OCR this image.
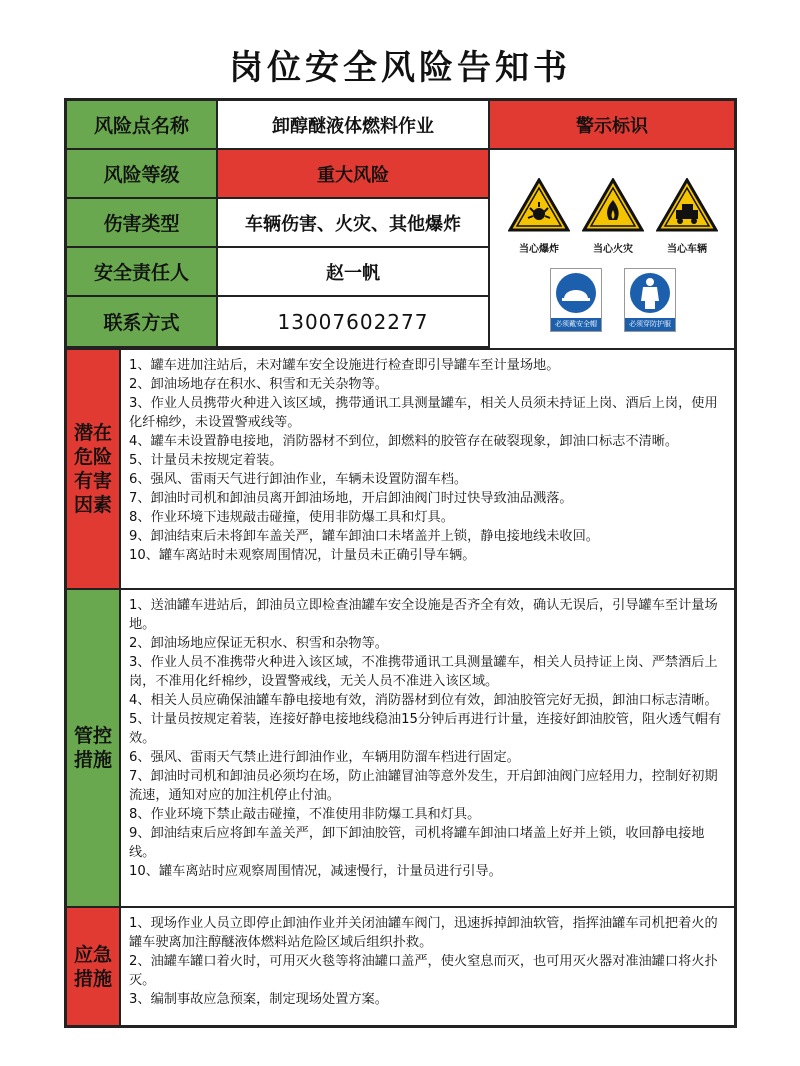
岗位安全风险告知书
风险点名称	卸醇醚液体燃料作业	警示标识
风险等级	重大风险
伤害类型	车辆伤害、火灾、其他爆炸
安全责任人	赵一帆
联系方式	13007602277
当心爆炸	当心火灾	当心车辆
必须戴安全帽	必须穿防护服
潜在危险有害因素
1、罐车进加注站后，未对罐车安全设施进行检查即引导罐车至计量场地。
2、卸油场地存在积水、积雪和无关杂物等。
3、作业人员携带火种进入该区域，携带通讯工具测量罐车，相关人员须未持证上岗、酒后上岗，使用化纤棉纱，未设置警戒线等。
4、罐车未设置静电接地，消防器材不到位，卸燃料的胶管存在破裂现象，卸油口标志不清晰。
5、计量员未按规定着装。
6、强风、雷雨天气进行卸油作业，车辆未设置防溜车档。
7、卸油时司机和卸油员离开卸油场地，开启卸油阀门时过快导致油品溅落。
8、作业环境下违规敲击碰撞，使用非防爆工具和灯具。
9、卸油结束后未将卸车盖关严，罐车卸油口未堵盖并上锁，静电接地线未收回。
10、罐车离站时未观察周围情况，计量员未正确引导车辆。
管控措施
1、送油罐车进站后，卸油员立即检查油罐车安全设施是否齐全有效，确认无误后，引导罐车至计量场地。
2、卸油场地应保证无积水、积雪和杂物等。
3、作业人员不准携带火种进入该区域，不准携带通讯工具测量罐车，相关人员持证上岗、严禁酒后上岗，不准用化纤棉纱，设置警戒线，无关人员不准进入该区域。
4、相关人员应确保油罐车静电接地有效，消防器材到位有效，卸油胶管完好无损，卸油口标志清晰。
5、计量员按规定着装，连接好静电接地线稳油15分钟后再进行计量，连接好卸油胶管，阻火透气帽有效。
6、强风、雷雨天气禁止进行卸油作业，车辆用防溜车档进行固定。
7、卸油时司机和卸油员必须均在场，防止油罐冒油等意外发生，开启卸油阀门应轻用力，控制好初期流速，通知对应的加注机停止付油。
8、作业环境下禁止敲击碰撞，不准使用非防爆工具和灯具。
9、卸油结束后应将卸车盖关严，卸下卸油胶管，司机将罐车卸油口堵盖上好并上锁，收回静电接地线。
10、罐车离站时应观察周围情况，减速慢行，计量员进行引导。
应急措施
1、现场作业人员立即停止卸油作业并关闭油罐车阀门，迅速拆掉卸油软管，指挥油罐车司机把着火的罐车驶离加注醇醚液体燃料站危险区域后组织扑救。
2、油罐车罐口着火时，可用灭火毯等将油罐口盖严，使火窒息而灭，也可用灭火器对准油罐口将火扑灭。
3、编制事故应急预案，制定现场处置方案。
